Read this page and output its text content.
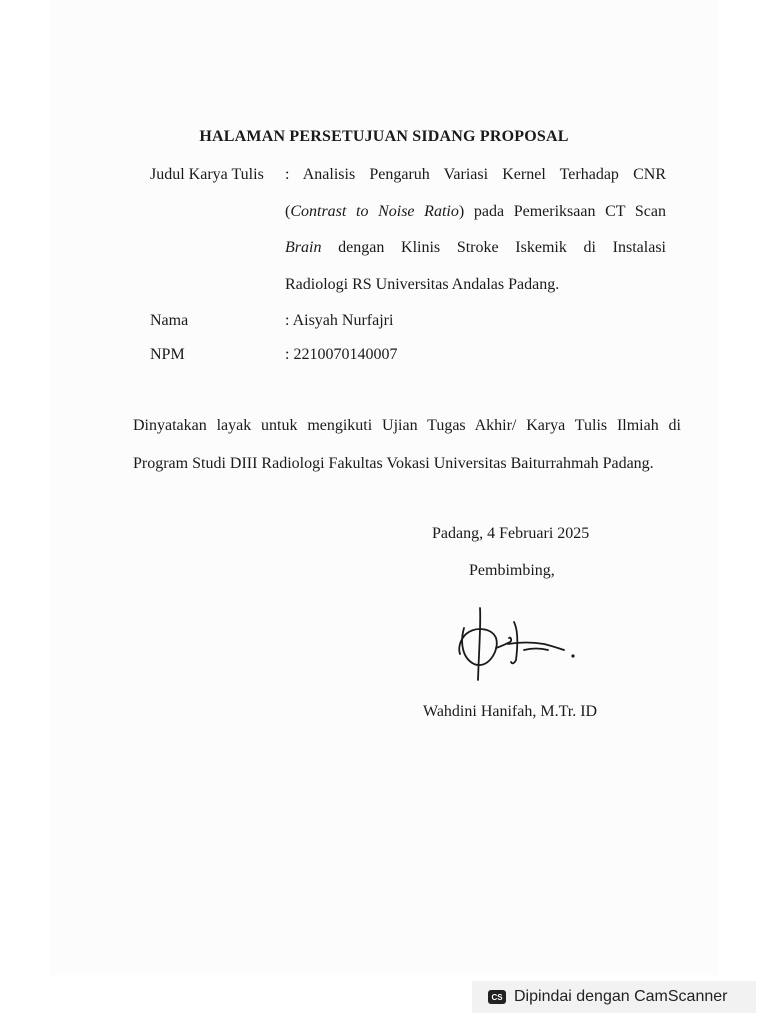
HALAMAN PERSETUJUAN SIDANG PROPOSAL
Judul Karya Tulis : Analisis Pengaruh Variasi Kernel Terhadap CNR
(Contrast to Noise Ratio) pada Pemeriksaan CT Scan
Brain dengan Klinis Stroke Iskemik di Instalasi
Radiologi RS Universitas Andalas Padang.
Nama	: Aisyah Nurfajri
NPM	: 2210070140007
Dinyatakan layak untuk mengikuti Ujian Tugas Akhir/ Karya Tulis Ilmiah di
Program Studi DIII Radiologi Fakultas Vokasi Universitas Baiturrahmah Padang.
Padang, 4 Februari 2025
Pembimbing,
Wahdini Hanifah, M.Tr. ID
CS Dipindai dengan CamScanner
